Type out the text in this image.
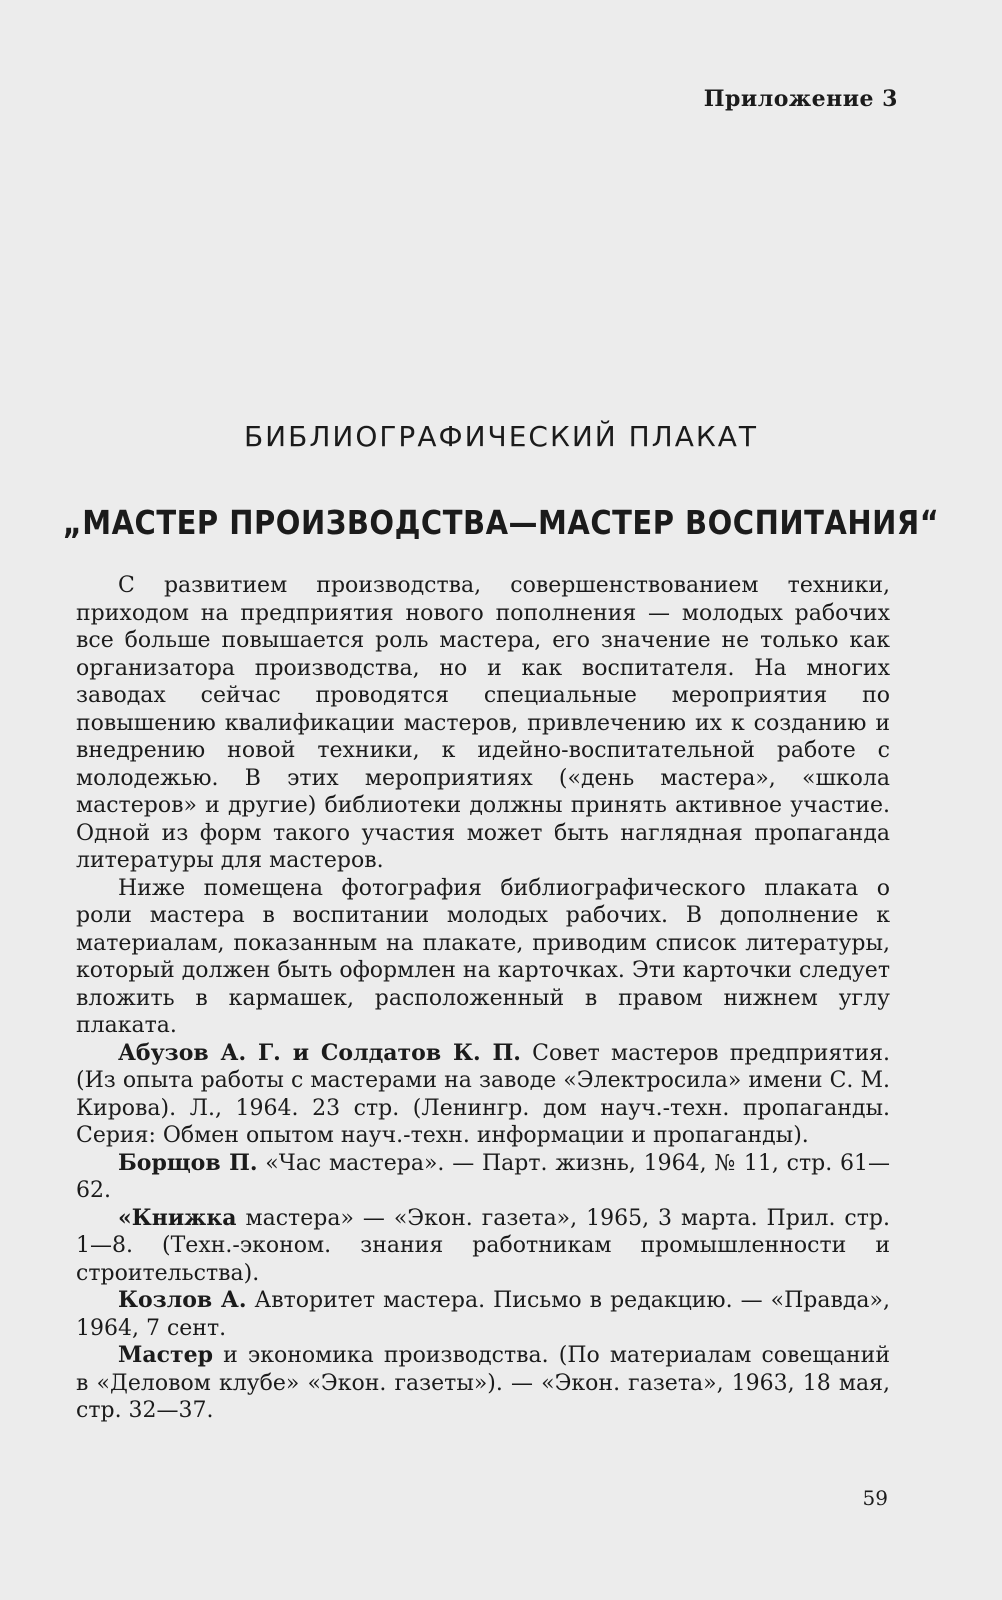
Приложение 3
БИБЛИОГРАФИЧЕСКИЙ ПЛАКАТ
„МАСТЕР ПРОИЗВОДСТВА—МАСТЕР ВОСПИТАНИЯ“

С развитием производства, совершенствованием техники, приходом на предприятия нового пополнения — молодых рабочих все больше повышается роль мастера, его значение не только как организатора производства, но и как воспитателя. На многих заводах сейчас проводятся специальные мероприятия по повышению квалификации мастеров, привлечению их к созданию и внедрению новой техники, к идейно-воспитательной работе с молодежью. В этих мероприятиях («день мастера», «школа мастеров» и другие) библиотеки должны принять активное участие. Одной из форм такого участия может быть наглядная пропаганда литературы для мастеров.

Ниже помещена фотография библиографического плаката о роли мастера в воспитании молодых рабочих. В дополнение к материалам, показанным на плакате, приводим список литературы, который должен быть оформлен на карточках. Эти карточки следует вложить в кармашек, расположенный в правом нижнем углу плаката.

Абузов А. Г. и Солдатов К. П. Совет мастеров предприятия. (Из опыта работы с мастерами на заводе «Электросила» имени С. М. Кирова). Л., 1964. 23 стр. (Ленингр. дом науч.-техн. пропаганды. Серия: Обмен опытом науч.-техн. информации и пропаганды).

Борщов П. «Час мастера». — Парт. жизнь, 1964, № 11, стр. 61—62.

«Книжка мастера» — «Экон. газета», 1965, 3 марта. Прил. стр. 1—8. (Техн.-эконом. знания работникам промышленности и строительства).

Козлов А. Авторитет мастера. Письмо в редакцию. — «Правда», 1964, 7 сент.

Мастер и экономика производства. (По материалам совещаний в «Деловом клубе» «Экон. газеты»). — «Экон. газета», 1963, 18 мая, стр. 32—37.

59
